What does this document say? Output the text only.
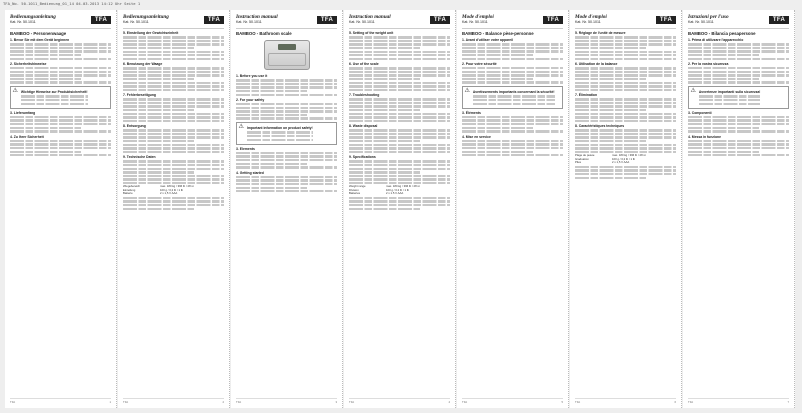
TFA_No. 50.1011_Bedienung_01_14 04.03.2013 14:12 Uhr Seite 1
Bedienungsanleitung
Kat. Nr. 50.1011	TFA
BAMBOO - Personenwaage
1. Bevor Sie mit dem Gerät beginnen
2. Sicherheitshinweise
⚠ Wichtige Hinweise zur Produktsicherheit!
3. Lieferumfang
4. Zu Ihrer Sicherheit
TFA	1
Bedienungsanleitung
Kat. Nr. 50.1011	TFA
5. Einstellung der Gewichtseinheit
6. Benutzung der Waage
7. Fehlerbeseitigung
8. Entsorgung
9. Technische Daten
Wiegebereich	max. 180 kg / 396 lb / 28 st
Einteilung	100 g / 0,2 lb / 1 lb
Batterie	2 x 1,5 V AAA
TFA	2
Instruction manual
Kat. Nr. 50.1011	TFA
BAMBOO - Bathroom scale
1. Before you use it
2. For your safety
⚠ Important information on product safety!
3. Elements
4. Getting started
TFA	3
Instruction manual
Kat. Nr. 50.1011	TFA
5. Setting of the weight unit
6. Use of the scale
7. Troubleshooting
8. Waste disposal
9. Specifications
Weight range	max. 180 kg / 396 lb / 28 st
Division	100 g / 0.2 lb / 1 lb
Batteries	2 x 1.5 V AAA
TFA	4
Mode d'emploi
Kat. Nr. 50.1011	TFA
BAMBOO - Balance pèse-personne
1. Avant d'utiliser votre appareil
2. Pour votre sécurité
⚠ Avertissements importants concernant la sécurité!
3. Éléments
4. Mise en service
TFA	5
Mode d'emploi
Kat. Nr. 50.1011	TFA
5. Réglage de l'unité de mesure
6. Utilisation de la balance
7. Élimination
8. Caractéristiques techniques
Plage de pesée	max. 180 kg / 396 lb / 28 st
Graduation	100 g / 0,2 lb / 1 lb
Piles	2 x 1,5 V AAA
TFA	6
Istruzioni per l'uso
Kat. Nr. 50.1011	TFA
BAMBOO - Bilancia pesapersone
1. Prima di utilizzare l'apparecchio
2. Per la vostra sicurezza
⚠ Avvertenze importanti sulla sicurezza!
3. Componenti
4. Messa in funzione
TFA	7
